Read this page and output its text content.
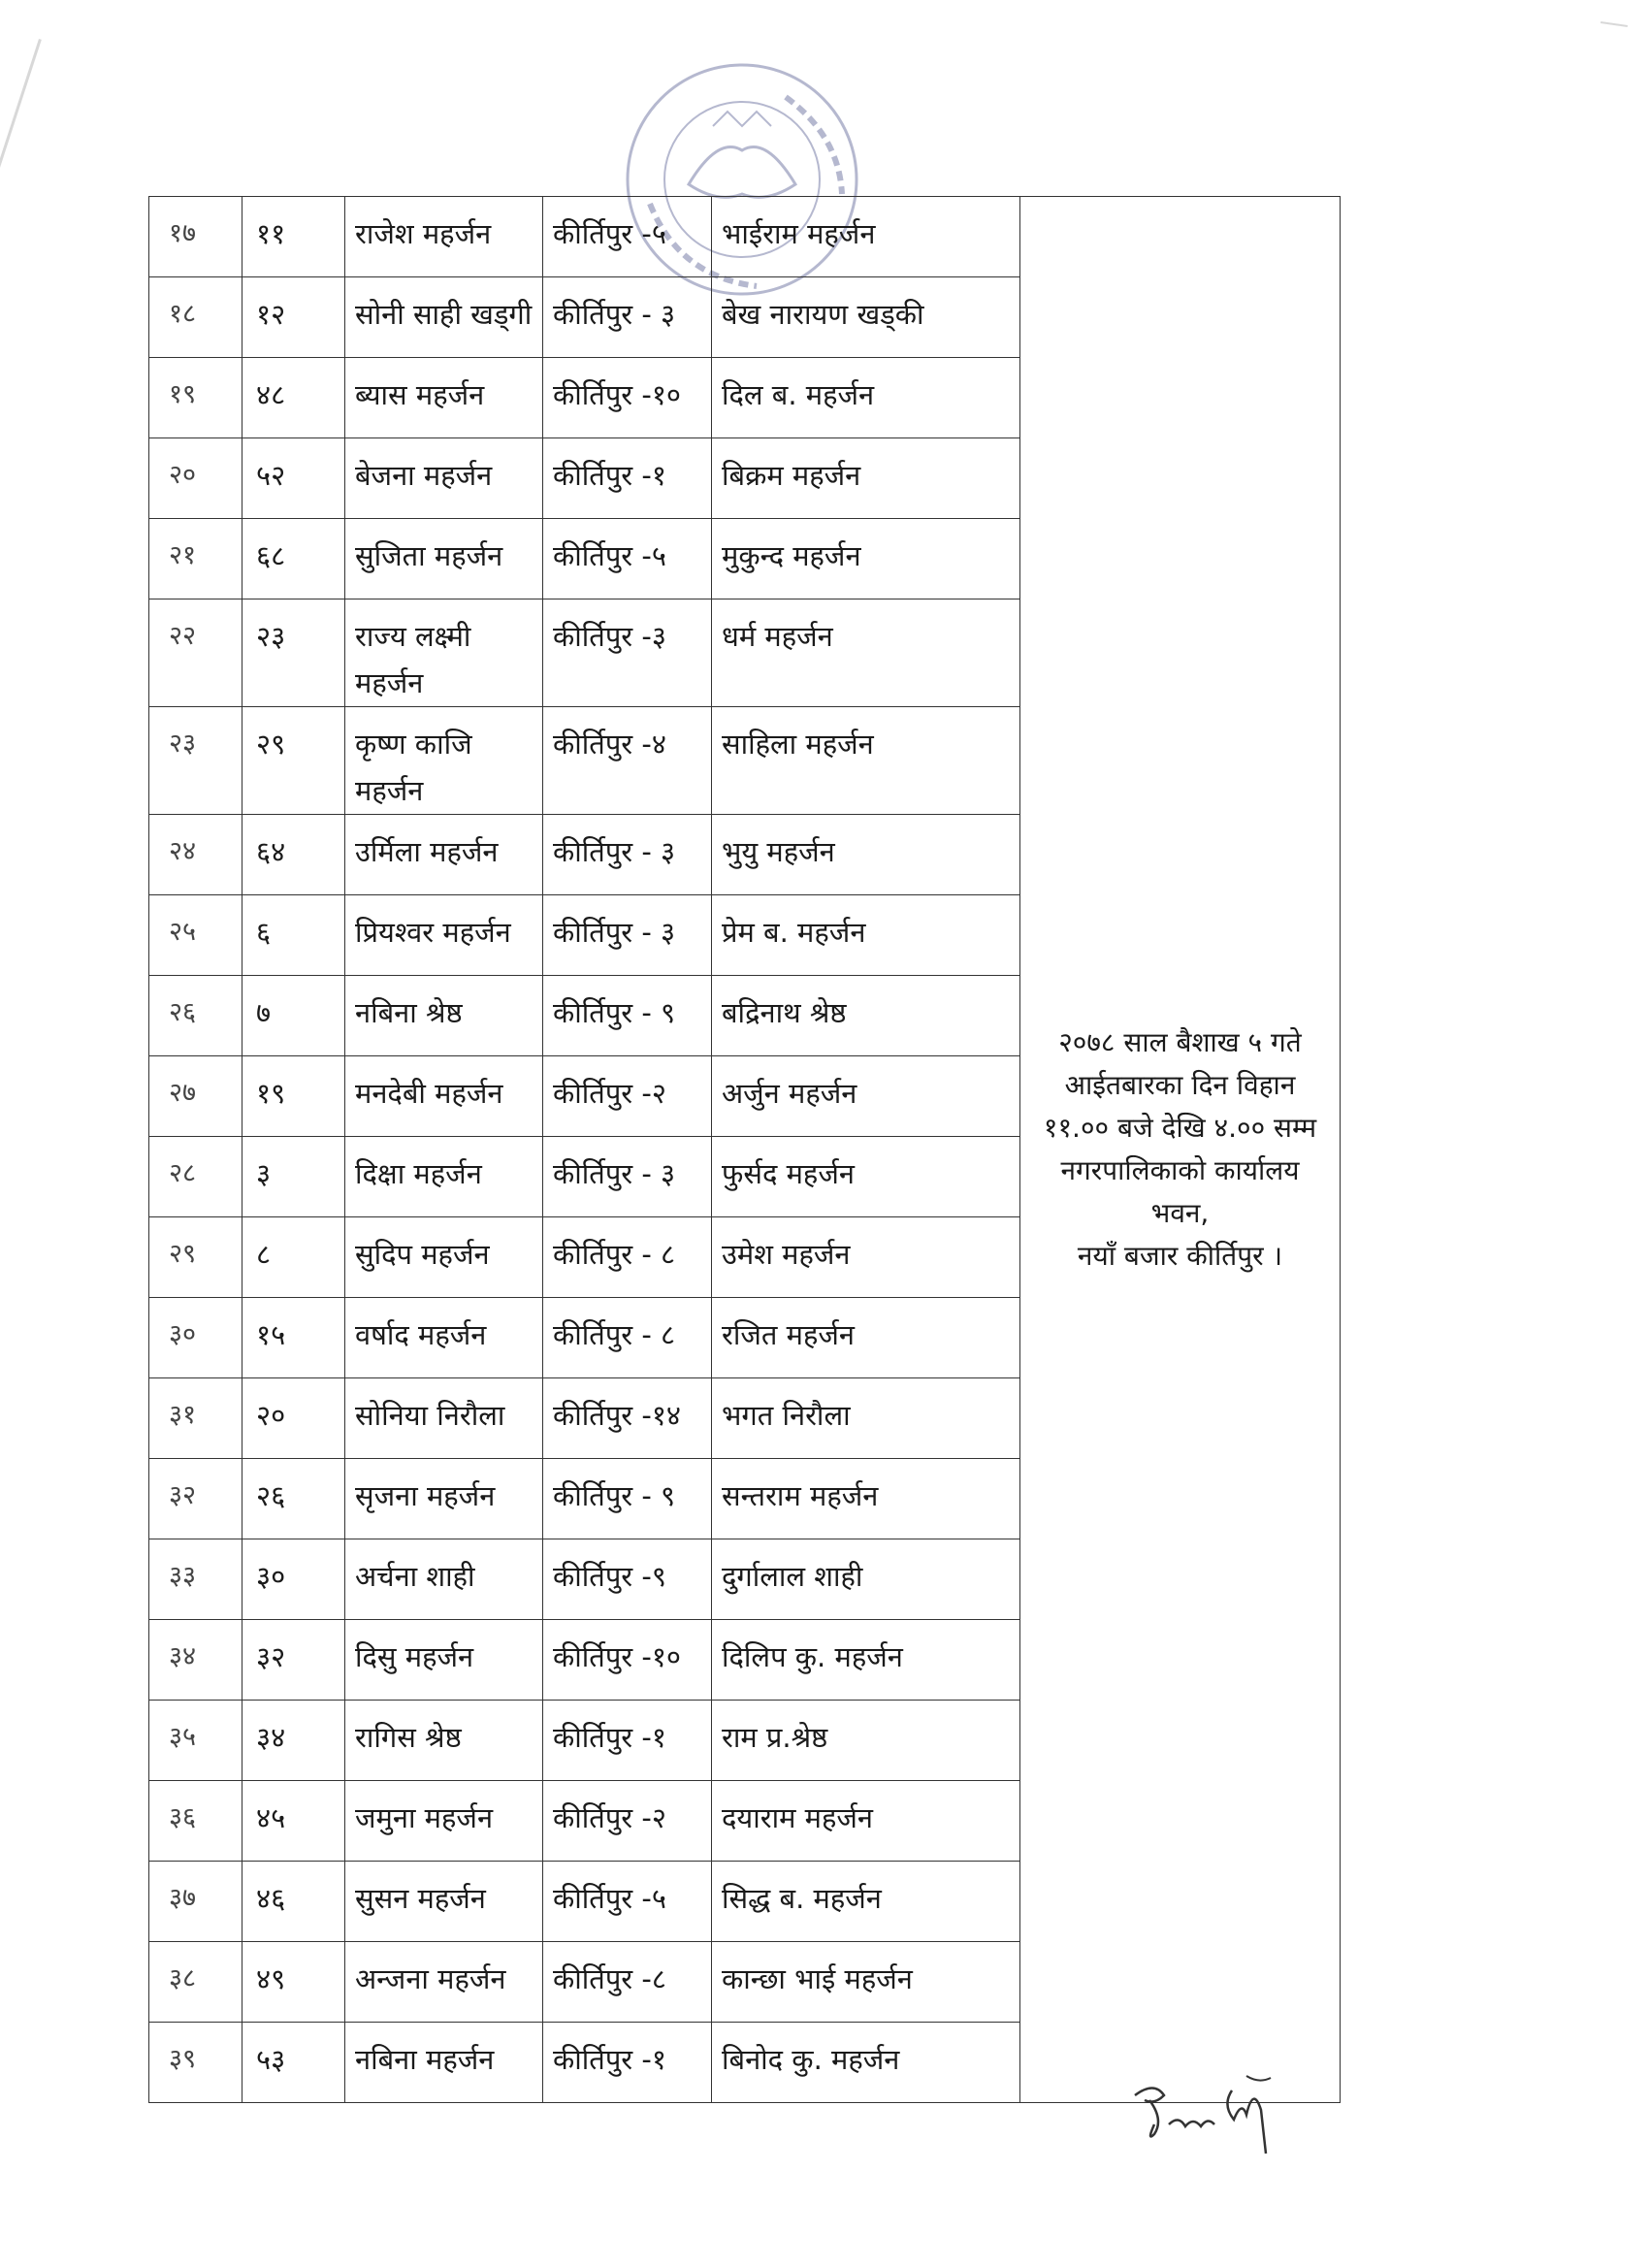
१७	११	राजेश महर्जन	कीर्तिपुर -५	भाईराम महर्जन	२०७८ साल बैशाख ५ गते
आईतबारका दिन विहान
११.०० बजे देखि ४.०० सम्म
नगरपालिकाको कार्यालय भवन,
नयाँ बजार कीर्तिपुर ।

१८	१२	सोनी साही खड्गी	कीर्तिपुर - ३	बेख नारायण खड्की	
१९	४८	ब्यास महर्जन	कीर्तिपुर -१०	दिल ब. महर्जन	
२०	५२	बेजना महर्जन	कीर्तिपुर -१	बिक्रम महर्जन	
२१	६८	सुजिता महर्जन	कीर्तिपुर -५	मुकुन्द महर्जन	
२२	२३	राज्य लक्ष्मी महर्जन	कीर्तिपुर -३	धर्म महर्जन	
२३	२९	कृष्ण काजि महर्जन	कीर्तिपुर -४	साहिला महर्जन	
२४	६४	उर्मिला महर्जन	कीर्तिपुर - ३	भुयु महर्जन	
२५	६	प्रियश्वर महर्जन	कीर्तिपुर - ३	प्रेम ब. महर्जन	
२६	७	नबिना श्रेष्ठ	कीर्तिपुर - ९	बद्रिनाथ श्रेष्ठ	
२७	१९	मनदेबी महर्जन	कीर्तिपुर -२	अर्जुन महर्जन	
२८	३	दिक्षा महर्जन	कीर्तिपुर - ३	फुर्सद महर्जन	
२९	८	सुदिप महर्जन	कीर्तिपुर - ८	उमेश महर्जन	
३०	१५	वर्षाद महर्जन	कीर्तिपुर - ८	रजित महर्जन	
३१	२०	सोनिया निरौला	कीर्तिपुर -१४	भगत निरौला	
३२	२६	सृजना महर्जन	कीर्तिपुर - ९	सन्तराम महर्जन	
३३	३०	अर्चना शाही	कीर्तिपुर -९	दुर्गालाल शाही	
३४	३२	दिसु महर्जन	कीर्तिपुर -१०	दिलिप कु. महर्जन	
३५	३४	रागिस श्रेष्ठ	कीर्तिपुर -१	राम प्र.श्रेष्ठ	
३६	४५	जमुना महर्जन	कीर्तिपुर -२	दयाराम महर्जन	
३७	४६	सुसन महर्जन	कीर्तिपुर -५	सिद्ध ब. महर्जन	
३८	४९	अन्जना महर्जन	कीर्तिपुर -८	कान्छा भाई महर्जन	
३९	५३	नबिना महर्जन	कीर्तिपुर -१	बिनोद कु. महर्जन	
